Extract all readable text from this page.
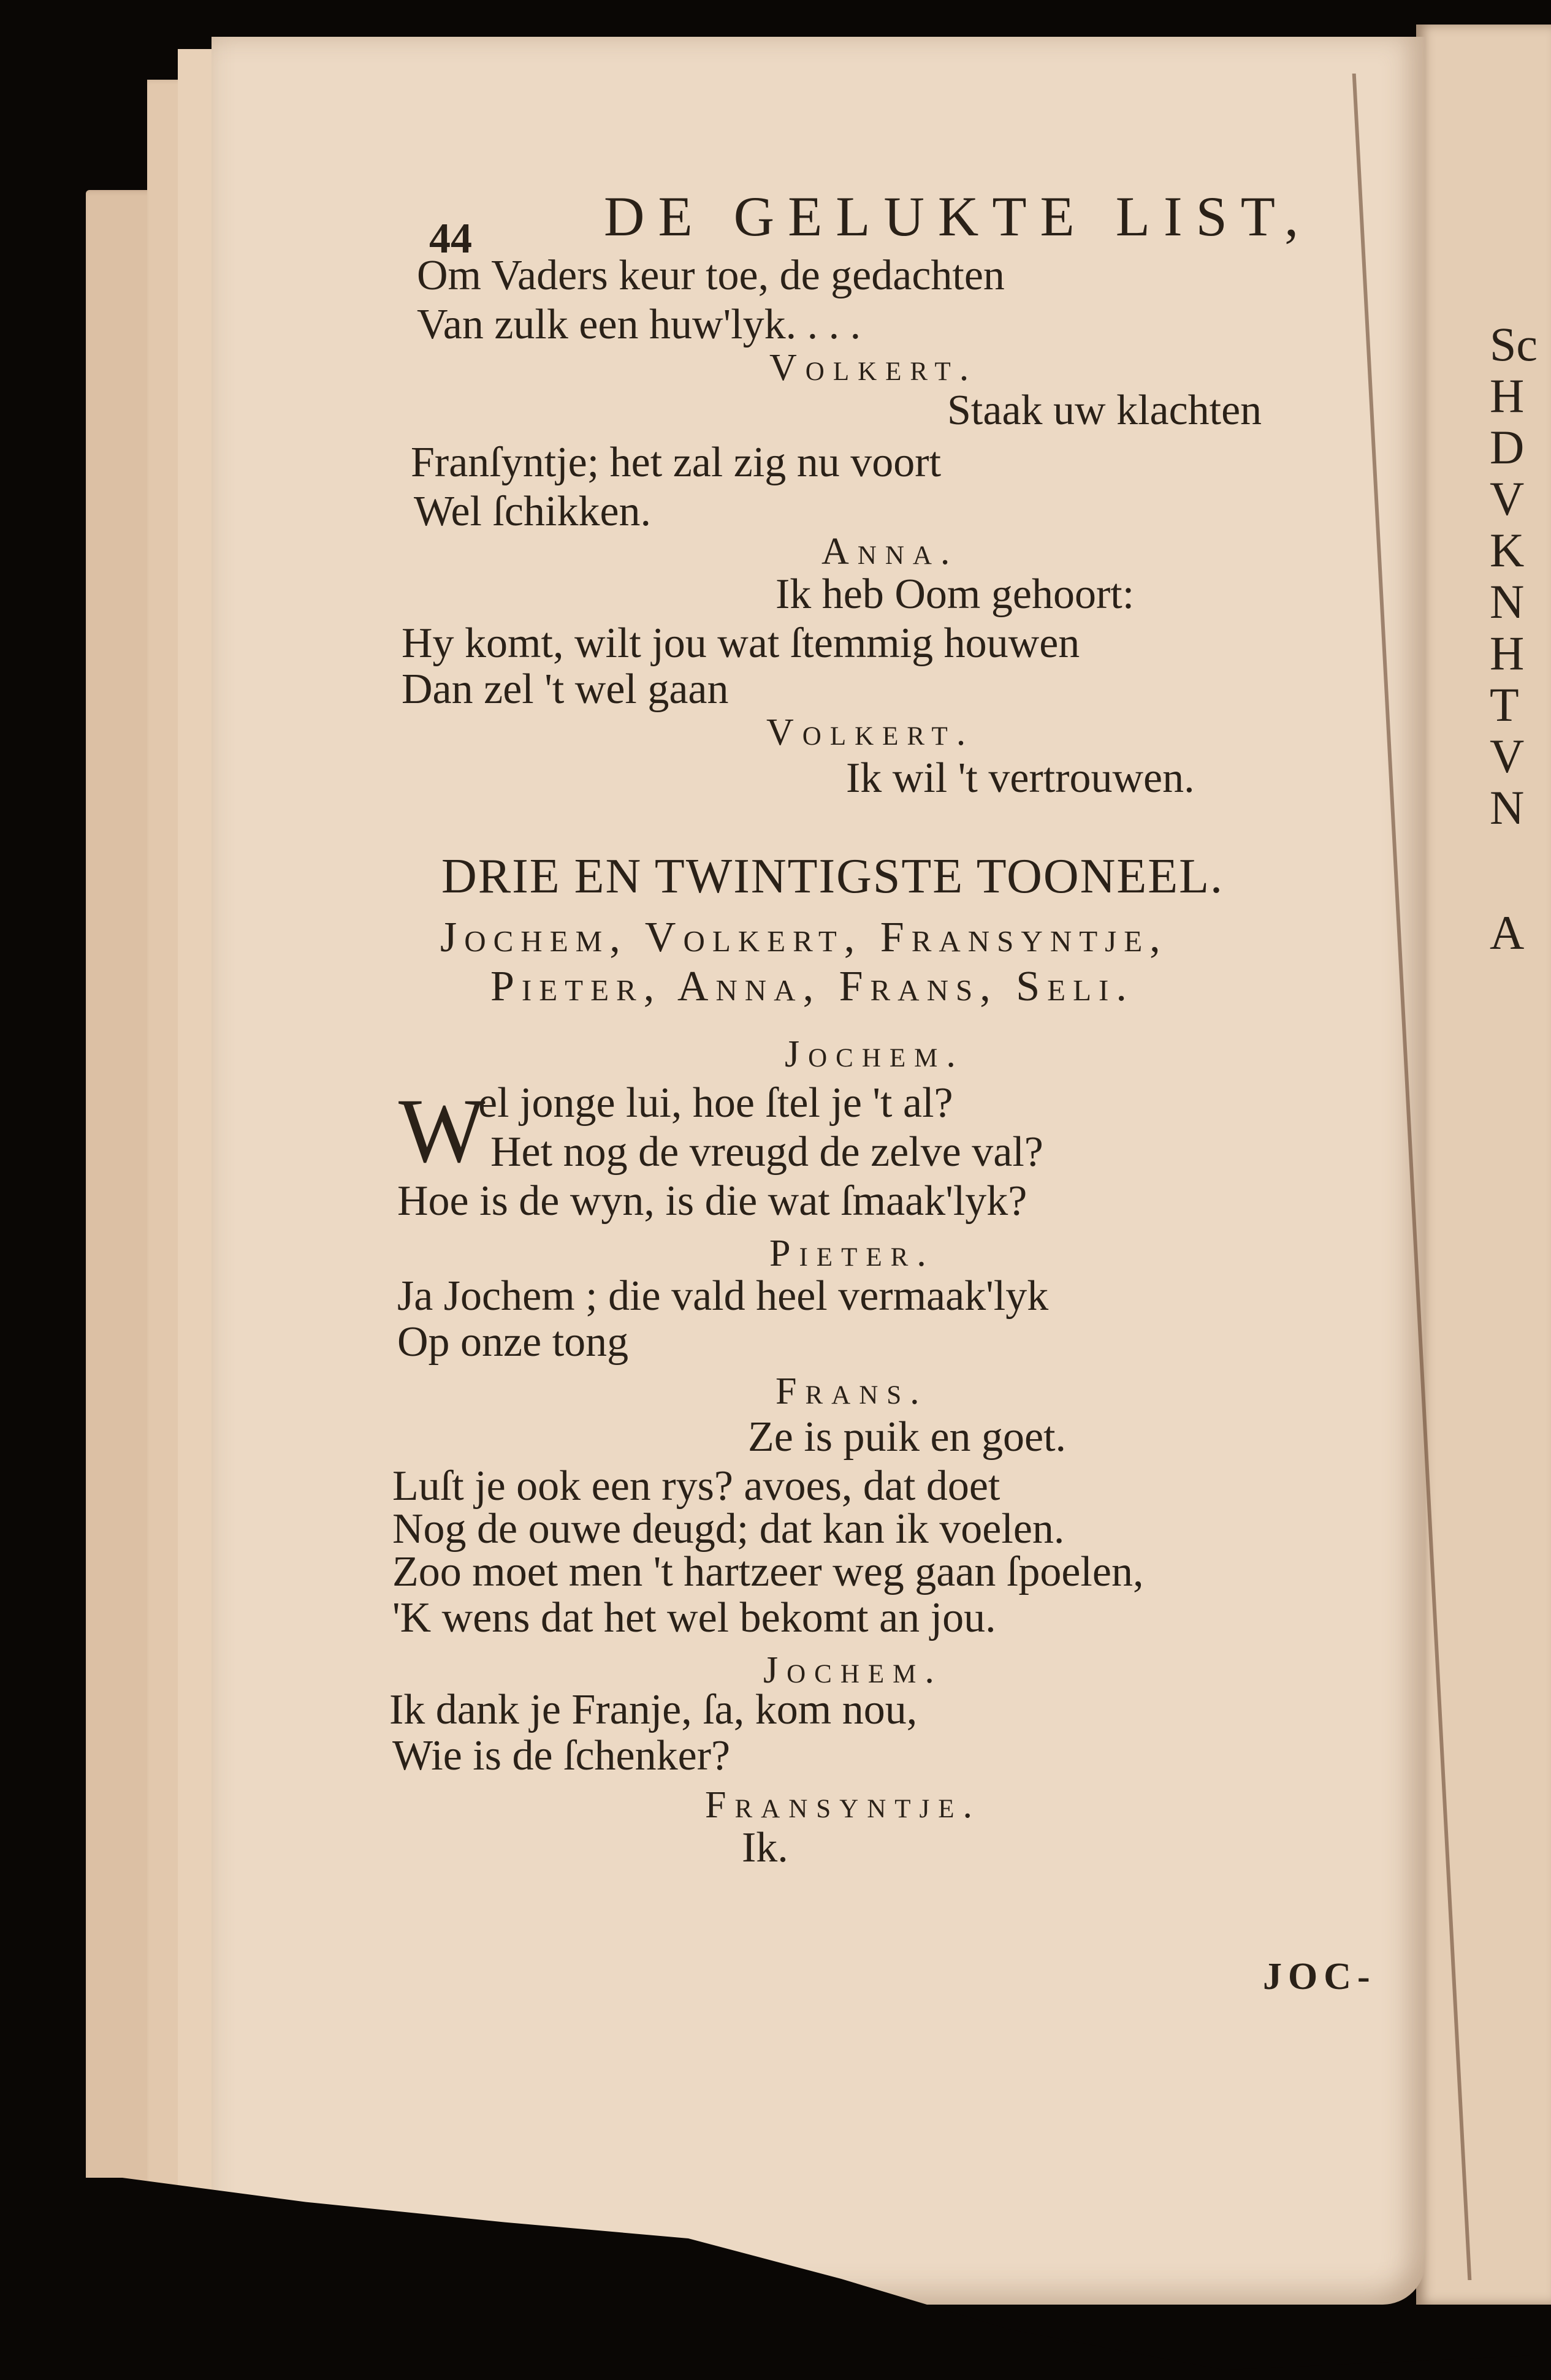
Sc
H
D
V
K
N
H
T
V
N
A
44 DE GELUKTE LIST,
Om Vaders keur toe, de gedachten
Van zulk een huw'lyk. . . .
Volkert.
Staak uw klachten
Franſyntje; het zal zig nu voort
Wel ſchikken.
Anna.
Ik heb Oom gehoort:
Hy komt, wilt jou wat ſtemmig houwen
Dan zel 't wel gaan
Volkert.
Ik wil 't vertrouwen.
DRIE EN TWINTIGSTE TOONEEL.
Jochem, Volkert, Fransyntje,
Pieter, Anna, Frans, Seli.
Jochem.
W
el jonge lui, hoe ſtel je 't al?
Het nog de vreugd de zelve val?
Hoe is de wyn, is die wat ſmaak'lyk?
Pieter.
Ja Jochem ; die vald heel vermaak'lyk
Op onze tong
Frans.
Ze is puik en goet.
Luſt je ook een rys? avoes, dat doet
Nog de ouwe deugd; dat kan ik voelen.
Zoo moet men 't hartzeer weg gaan ſpoelen,
'K wens dat het wel bekomt an jou.
Jochem.
Ik dank je Franje, ſa, kom nou,
Wie is de ſchenker?
Fransyntje.
Ik.
JOC-
